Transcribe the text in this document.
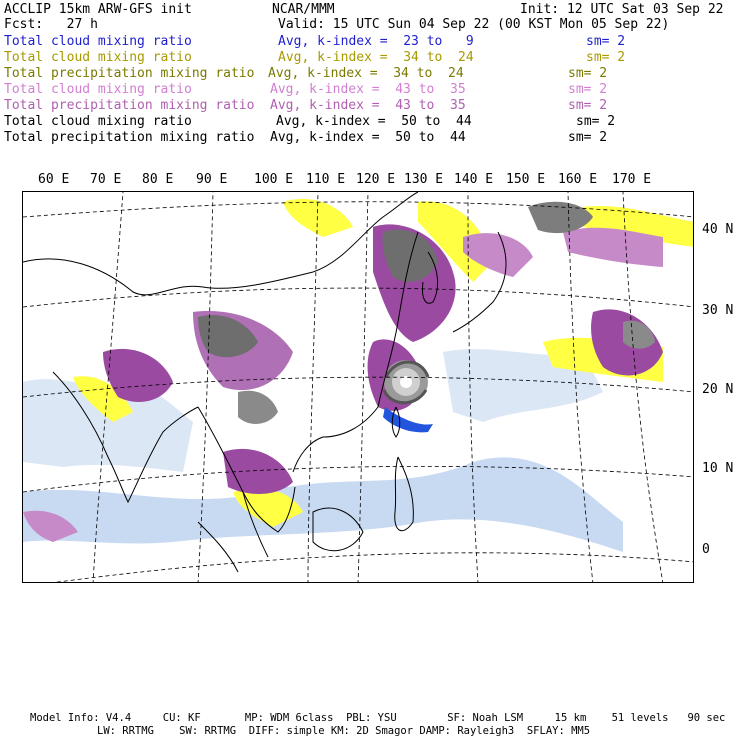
ACCLIP 15km ARW-GFS init	NCAR/MMM	Init: 12 UTC Sat 03 Sep 22
Fcst:   27 h	Valid: 15 UTC Sun 04 Sep 22 (00 KST Mon 05 Sep 22)
Total cloud mixing ratio	Avg, k-index =  23 to   9	sm= 2
Total cloud mixing ratio	Avg, k-index =  34 to  24	sm= 2
Total precipitation mixing ratio Avg, k-index =  34 to  24	sm= 2
Total cloud mixing ratio	Avg, k-index =  43 to  35	sm= 2
Total precipitation mixing ratio Avg, k-index =  43 to  35	sm= 2
Total cloud mixing ratio	Avg, k-index =  50 to  44	sm= 2
Total precipitation mixing ratio Avg, k-index =  50 to  44	sm= 2
60 E 70 E 80 E 90 E 100 E 110 E 120 E 130 E 140 E 150 E 160 E 170 E
40 N
30 N
20 N
10 N
0
Model Info: V4.4     CU: KF       MP: WDM 6class  PBL: YSU        SF: Noah LSM     15 km    51 levels   90 sec
LW: RRTMG    SW: RRTMG  DIFF: simple KM: 2D Smagor DAMP: Rayleigh3  SFLAY: MM5
